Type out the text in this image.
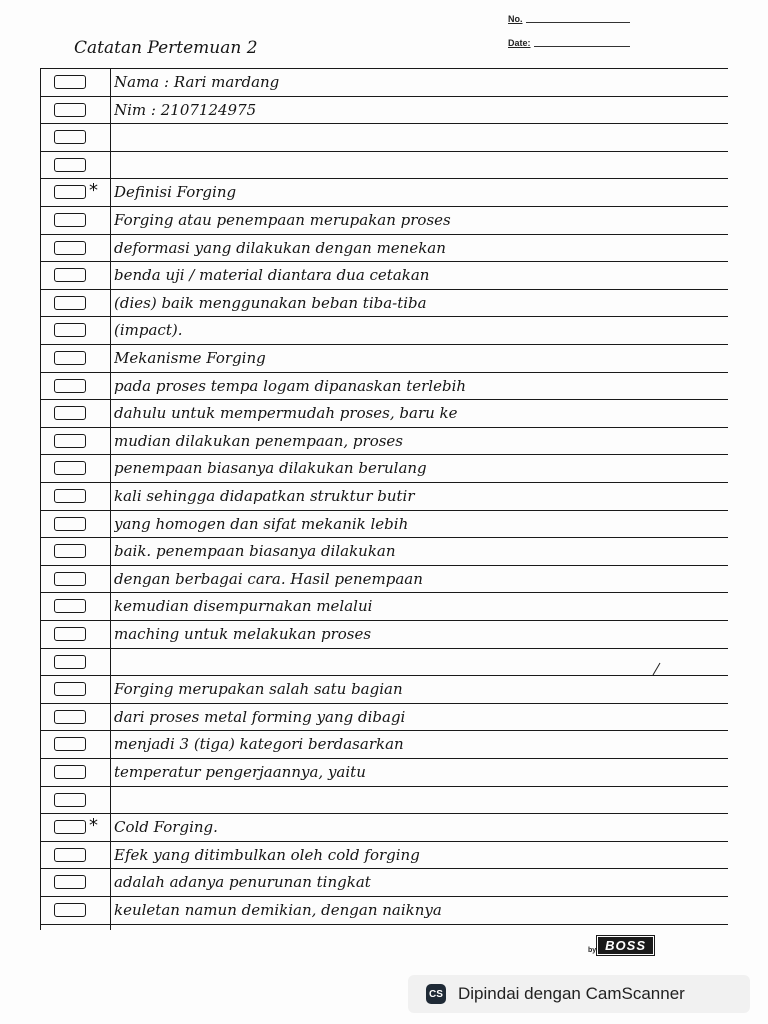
No.
Date:
Catatan Pertemuan 2
Nama : Rari mardang
Nim : 2107124975
* Definisi Forging
Forging atau penempaan merupakan proses
deformasi yang dilakukan dengan menekan
benda uji / material diantara dua cetakan
(dies) baik menggunakan beban tiba-tiba
(impact).
Mekanisme Forging
pada proses tempa logam dipanaskan terlebih
dahulu untuk mempermudah proses, baru ke
mudian dilakukan penempaan, proses
penempaan biasanya dilakukan berulang
kali sehingga didapatkan struktur butir
yang homogen dan sifat mekanik lebih
baik. penempaan biasanya dilakukan
dengan berbagai cara. Hasil penempaan
kemudian disempurnakan melalui
maching untuk melakukan proses
Forging merupakan salah satu bagian
dari proses metal forming yang dibagi
menjadi 3 (tiga) kategori berdasarkan
temperatur pengerjaannya, yaitu
* Cold Forging.
Efek yang ditimbulkan oleh cold forging
adalah adanya penurunan tingkat
keuletan namun demikian, dengan naiknya
by BOSS
CS Dipindai dengan CamScanner
